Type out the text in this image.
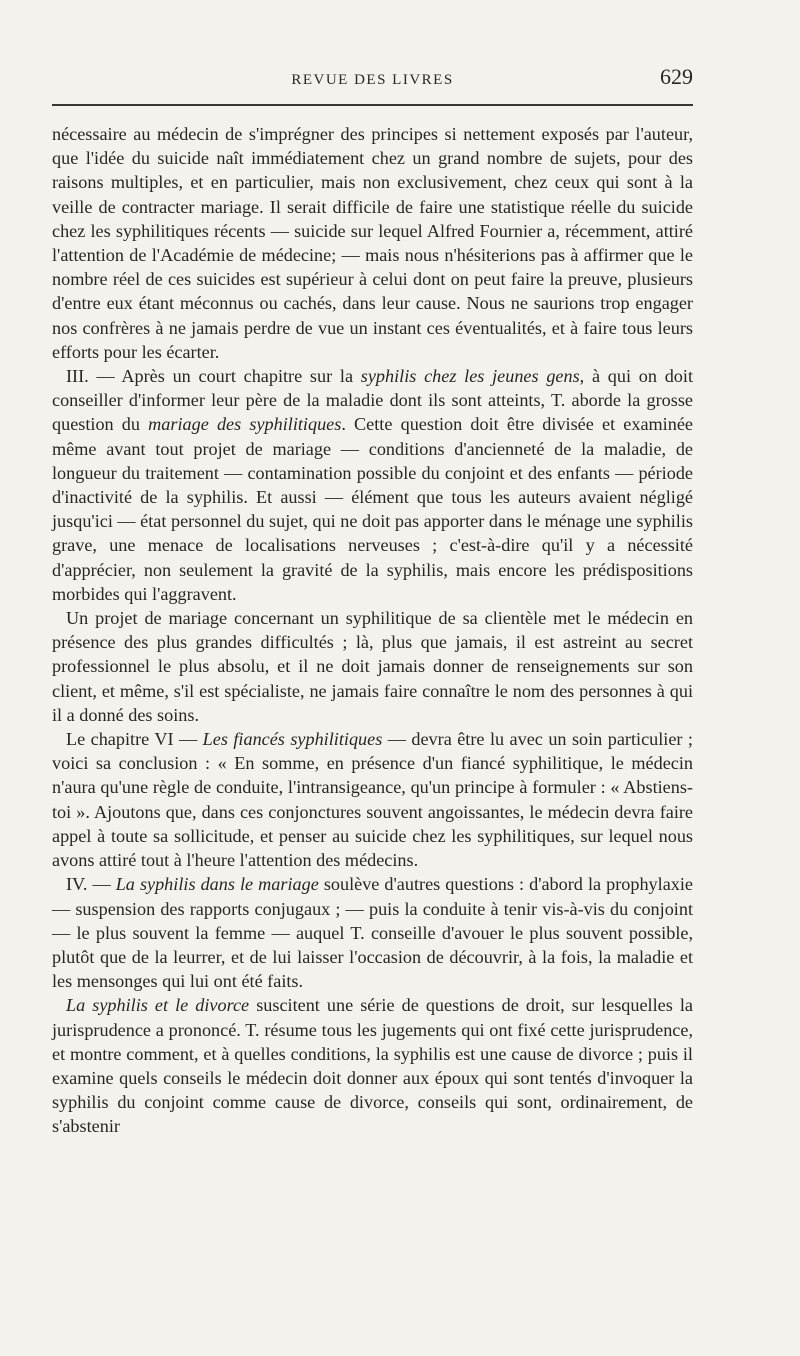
REVUE DES LIVRES	629

nécessaire au médecin de s'imprégner des principes si nettement exposés par l'auteur, que l'idée du suicide naît immédiatement chez un grand nombre de sujets, pour des raisons multiples, et en particulier, mais non exclusivement, chez ceux qui sont à la veille de contracter mariage. Il serait difficile de faire une statistique réelle du suicide chez les syphilitiques récents — suicide sur lequel Alfred Fournier a, récemment, attiré l'attention de l'Académie de médecine; — mais nous n'hésiterions pas à affirmer que le nombre réel de ces suicides est supérieur à celui dont on peut faire la preuve, plusieurs d'entre eux étant méconnus ou cachés, dans leur cause. Nous ne saurions trop engager nos confrères à ne jamais perdre de vue un instant ces éventualités, et à faire tous leurs efforts pour les écarter.

III. — Après un court chapitre sur la syphilis chez les jeunes gens, à qui on doit conseiller d'informer leur père de la maladie dont ils sont atteints, T. aborde la grosse question du mariage des syphilitiques. Cette question doit être divisée et examinée même avant tout projet de mariage — conditions d'ancienneté de la maladie, de longueur du traitement — contamination possible du conjoint et des enfants — période d'inactivité de la syphilis. Et aussi — élément que tous les auteurs avaient négligé jusqu'ici — état personnel du sujet, qui ne doit pas apporter dans le ménage une syphilis grave, une menace de localisations nerveuses ; c'est-à-dire qu'il y a nécessité d'apprécier, non seulement la gravité de la syphilis, mais encore les prédispositions morbides qui l'aggravent.

Un projet de mariage concernant un syphilitique de sa clientèle met le médecin en présence des plus grandes difficultés ; là, plus que jamais, il est astreint au secret professionnel le plus absolu, et il ne doit jamais donner de renseignements sur son client, et même, s'il est spécialiste, ne jamais faire connaître le nom des personnes à qui il a donné des soins.

Le chapitre VI — Les fiancés syphilitiques — devra être lu avec un soin particulier ; voici sa conclusion : « En somme, en présence d'un fiancé syphilitique, le médecin n'aura qu'une règle de conduite, l'intransigeance, qu'un principe à formuler : « Abstiens-toi ». Ajoutons que, dans ces conjonctures souvent angoissantes, le médecin devra faire appel à toute sa sollicitude, et penser au suicide chez les syphilitiques, sur lequel nous avons attiré tout à l'heure l'attention des médecins.

IV. — La syphilis dans le mariage soulève d'autres questions : d'abord la prophylaxie — suspension des rapports conjugaux ; — puis la conduite à tenir vis-à-vis du conjoint — le plus souvent la femme — auquel T. conseille d'avouer le plus souvent possible, plutôt que de la leurrer, et de lui laisser l'occasion de découvrir, à la fois, la maladie et les mensonges qui lui ont été faits.

La syphilis et le divorce suscitent une série de questions de droit, sur lesquelles la jurisprudence a prononcé. T. résume tous les jugements qui ont fixé cette jurisprudence, et montre comment, et à quelles conditions, la syphilis est une cause de divorce ; puis il examine quels conseils le médecin doit donner aux époux qui sont tentés d'invoquer la syphilis du conjoint comme cause de divorce, conseils qui sont, ordinairement, de s'abstenir
